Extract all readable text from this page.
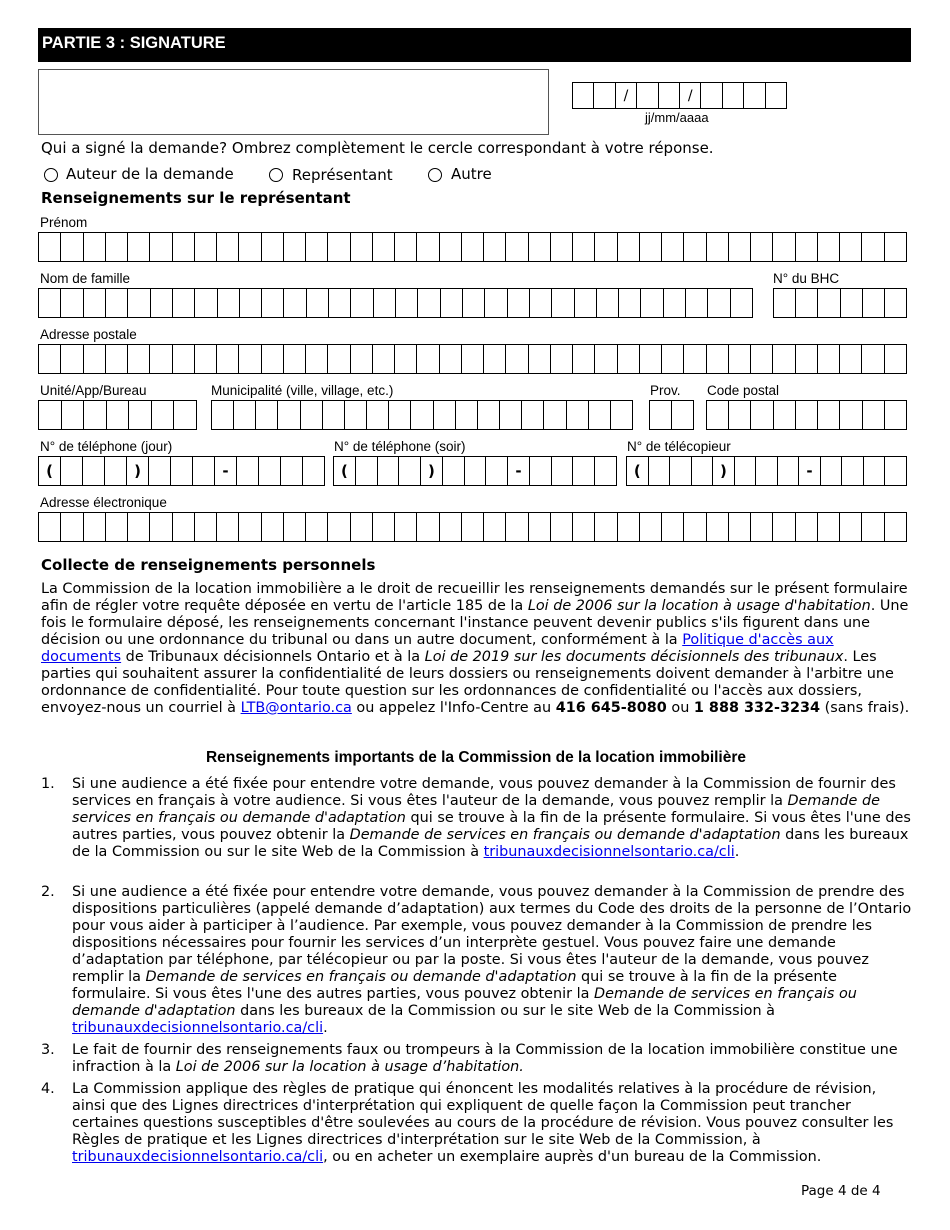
PARTIE 3 : SIGNATURE
/	/
jj/mm/aaaa
Qui a signé la demande? Ombrez complètement le cercle correspondant à votre réponse.
Auteur de la demande	Représentant	Autre
Renseignements sur le représentant
Prénom
Nom de famille	N° du BHC
Adresse postale
Unité/App/Bureau	Municipalité (ville, village, etc.)	Prov. Code postal
N° de téléphone (jour)	N° de téléphone (soir)	N° de télécopieur
(	)	-	(	)	-	(	)	-
Adresse électronique
Collecte de renseignements personnels
La Commission de la location immobilière a le droit de recueillir les renseignements demandés sur le présent formulaire afin de régler votre requête déposée en vertu de l'article 185 de la Loi de 2006 sur la location à usage d'habitation. Une fois le formulaire déposé, les renseignements concernant l'instance peuvent devenir publics s'ils figurent dans une décision ou une ordonnance du tribunal ou dans un autre document, conformément à la Politique d'accès aux documents de Tribunaux décisionnels Ontario et à la Loi de 2019 sur les documents décisionnels des tribunaux. Les parties qui souhaitent assurer la confidentialité de leurs dossiers ou renseignements doivent demander à l'arbitre une ordonnance de confidentialité. Pour toute question sur les ordonnances de confidentialité ou l'accès aux dossiers, envoyez-nous un courriel à LTB@ontario.ca ou appelez l'Info-Centre au 416 645-8080 ou 1 888 332-3234 (sans frais).
Renseignements importants de la Commission de la location immobilière
1. Si une audience a été fixée pour entendre votre demande, vous pouvez demander à la Commission de fournir des services en français à votre audience. Si vous êtes l'auteur de la demande, vous pouvez remplir la Demande de services en français ou demande d'adaptation qui se trouve à la fin de la présente formulaire. Si vous êtes l'une des autres parties, vous pouvez obtenir la Demande de services en français ou demande d'adaptation dans les bureaux de la Commission ou sur le site Web de la Commission à tribunauxdecisionnelsontario.ca/cli.
2. Si une audience a été fixée pour entendre votre demande, vous pouvez demander à la Commission de prendre des dispositions particulières (appelé demande d’adaptation) aux termes du Code des droits de la personne de l’Ontario pour vous aider à participer à l’audience. Par exemple, vous pouvez demander à la Commission de prendre les dispositions nécessaires pour fournir les services d’un interprète gestuel. Vous pouvez faire une demande d’adaptation par téléphone, par télécopieur ou par la poste. Si vous êtes l'auteur de la demande, vous pouvez remplir la Demande de services en français ou demande d'adaptation qui se trouve à la fin de la présente formulaire. Si vous êtes l'une des autres parties, vous pouvez obtenir la Demande de services en français ou demande d'adaptation dans les bureaux de la Commission ou sur le site Web de la Commission à tribunauxdecisionnelsontario.ca/cli.
3. Le fait de fournir des renseignements faux ou trompeurs à la Commission de la location immobilière constitue une infraction à la Loi de 2006 sur la location à usage d’habitation.
4. La Commission applique des règles de pratique qui énoncent les modalités relatives à la procédure de révision, ainsi que des Lignes directrices d'interprétation qui expliquent de quelle façon la Commission peut trancher certaines questions susceptibles d'être soulevées au cours de la procédure de révision. Vous pouvez consulter les Règles de pratique et les Lignes directrices d'interprétation sur le site Web de la Commission, à tribunauxdecisionnelsontario.ca/cli, ou en acheter un exemplaire auprès d'un bureau de la Commission.
Page 4 de 4
